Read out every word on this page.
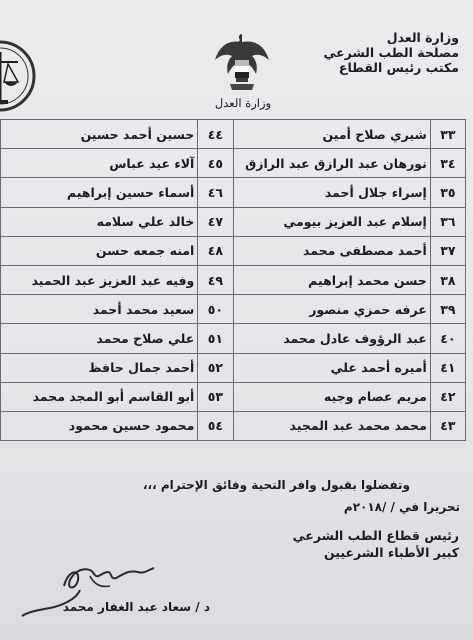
وزارة العدل
مصلحة الطب الشرعي
مكتب رئيس القطاع
وزارة العدل
٣٣	شيري صلاح أمين	٤٤	حسين أحمد حسين
٣٤	نورهان عبد الرازق عبد الرازق	٤٥	آلاء عيد عباس
٣٥	إسراء جلال أحمد	٤٦	أسماء حسين إبراهيم
٣٦	إسلام عبد العزيز بيومي	٤٧	خالد علي سلامه
٣٧	أحمد مصطفى محمد	٤٨	امنه جمعه حسن
٣٨	حسن محمد إبراهيم	٤٩	وفيه عبد العزيز عبد الحميد
٣٩	عرفه حمزي منصور	٥٠	سعيد محمد أحمد
٤٠	عبد الرؤوف عادل محمد	٥١	علي صلاح محمد
٤١	أميره أحمد علي	٥٢	أحمد جمال حافظ
٤٢	مريم عصام وجيه	٥٣	أبو القاسم أبو المجد محمد
٤٣	محمد محمد عبد المجيد	٥٤	محمود حسين محمود
وتفضلوا بقبول وافر التحية وفائق الإحترام ،،،
تحريرا في / /٢٠١٨م
رئيس قطاع الطب الشرعي
كبير الأطباء الشرعيين
د / سعاد عبد الغفار محمد
